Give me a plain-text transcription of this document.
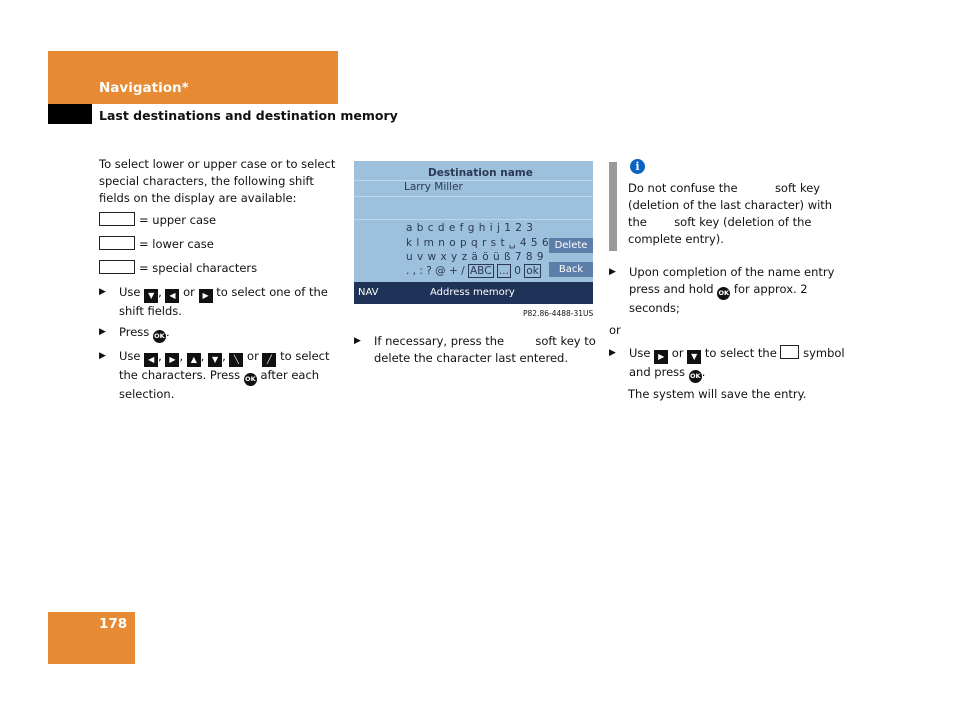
Navigation*
Last destinations and destination memory
To select lower or upper case or to select special characters, the following shift fields on the display are available:
= upper case
= lower case
= special characters
▶ Use ▼ , ◀ or ▶ to select one of the shift fields.
▶ Press OK.
▶ Use ◀ , ▶ , ▲ , ▼ , ╲ or ╱ to select the characters. Press OK after each selection.
Destination name
Larry Miller
a b c d e f g h i j 1 2 3
k l m n o p q r s t ␣ 4 5 6
u v w x y z ä ö ü ß 7 8 9
. , : ? @ + / ABC ... 0 ok
Delete
Back
NAV	Address memory
P82.86-4488-31US
▶ If necessary, press the	soft key to delete the character last entered.
i
Do not confuse the	soft key (deletion of the last character) with the soft key (deletion of the complete entry).
▶ Upon completion of the name entry press and hold OK for approx. 2 seconds;
or
▶ Use ▶ or ▼ to select the symbol and press OK.
The system will save the entry.
178
